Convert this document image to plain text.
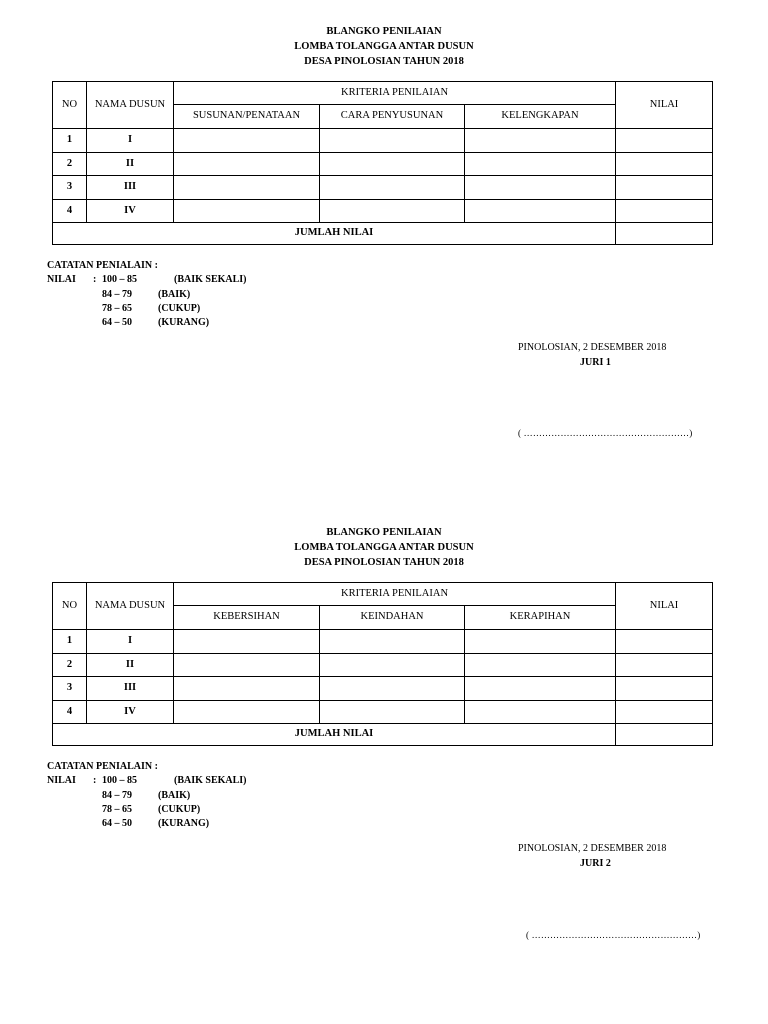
BLANGKO PENILAIAN
LOMBA TOLANGGA ANTAR DUSUN
DESA PINOLOSIAN TAHUN 2018
NO	NAMA DUSUN	KRITERIA PENILAIAN			NILAI
		SUSUNAN/PENATAAN	CARA PENYUSUNAN	KELENGKAPAN	
1	I				
2	II				
3	III				
4	IV				
JUMLAH NILAI					
CATATAN PENIALAIN :
NILAI	: 100 – 85	(BAIK SEKALI)
84 – 79	(BAIK)
78 – 65	(CUKUP)
64 – 50	(KURANG)
PINOLOSIAN, 2 DESEMBER 2018
JURI 1
( ………………………………………………)
BLANGKO PENILAIAN
LOMBA TOLANGGA ANTAR DUSUN
DESA PINOLOSIAN TAHUN 2018
NO	NAMA DUSUN	KRITERIA PENILAIAN			NILAI
		KEBERSIHAN	KEINDAHAN	KERAPIHAN	
1	I				
2	II				
3	III				
4	IV				
JUMLAH NILAI					
CATATAN PENIALAIN :
NILAI	: 100 – 85	(BAIK SEKALI)
84 – 79	(BAIK)
78 – 65	(CUKUP)
64 – 50	(KURANG)
PINOLOSIAN, 2 DESEMBER 2018
JURI 2
( ………………………………………………)
